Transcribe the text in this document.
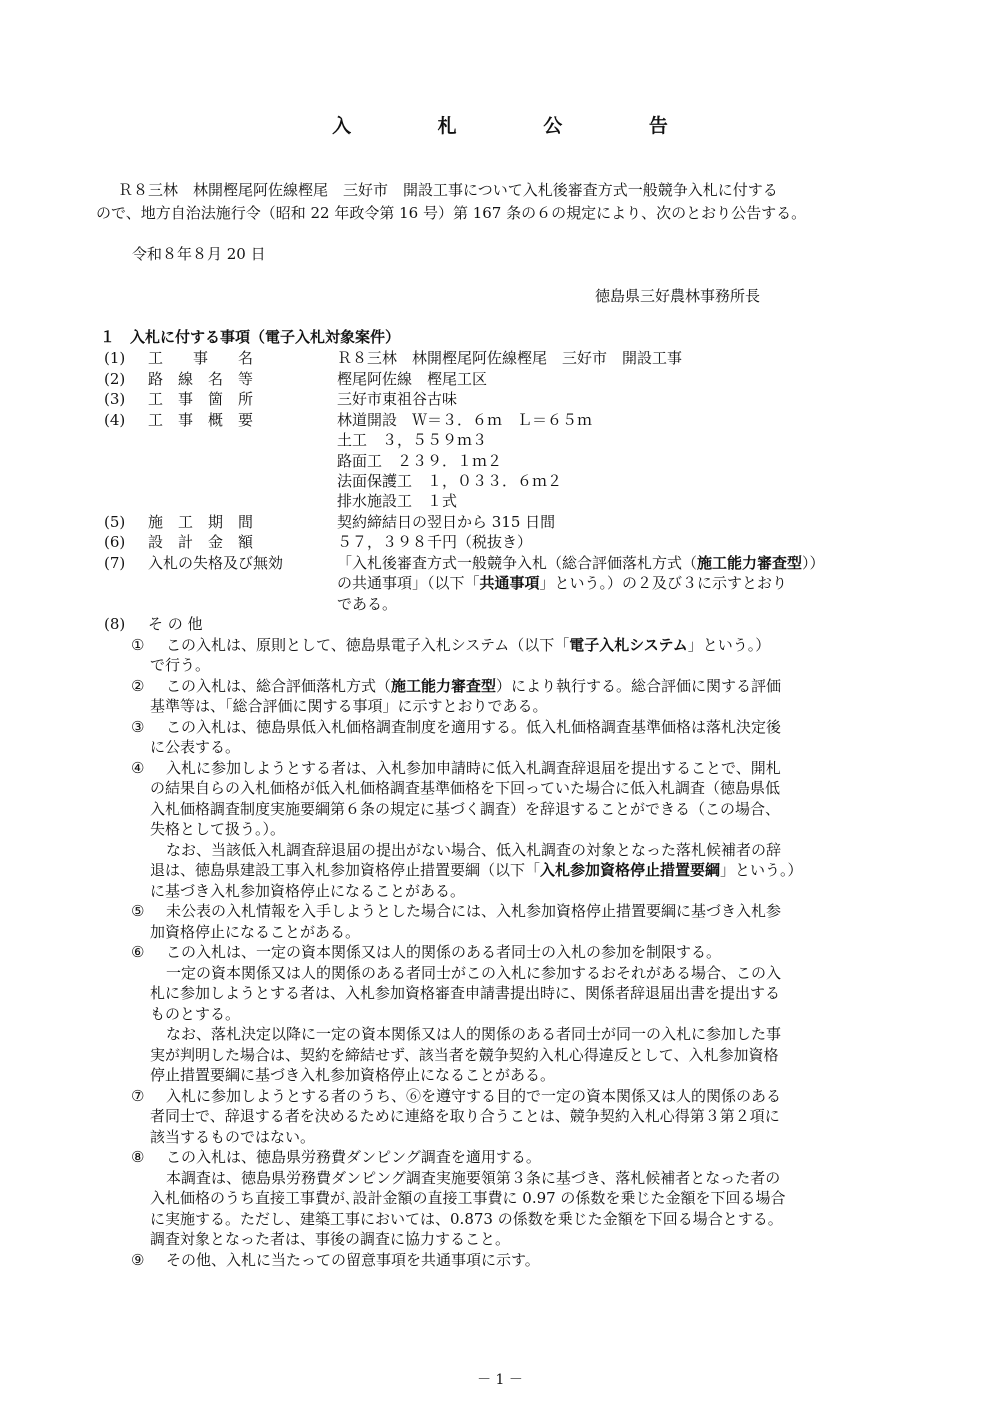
入 札 公 告
Ｒ８三林　林開樫尾阿佐線樫尾　三好市　開設工事について入札後審査方式一般競争入札に付する
ので、地方自治法施行令（昭和 22 年政令第 16 号）第 167 条の６の規定により、次のとおり公告する。
令和８年８月 20 日
徳島県三好農林事務所長
１　入札に付する事項（電子入札対象案件）
(1) 工　　事　　名	Ｒ８三林　林開樫尾阿佐線樫尾　三好市　開設工事
(2) 路　線　名　等	樫尾阿佐線　樫尾工区
(3) 工　事　箇　所	三好市東祖谷古味
(4) 工　事　概　要	林道開設　Ｗ＝３．６ｍ　Ｌ＝６５ｍ
土工　３，５５９ｍ３
路面工　２３９．１ｍ２
法面保護工　１，０３３．６ｍ２
排水施設工　１式
(5) 施　工　期　間	契約締結日の翌日から 315 日間
(6) 設　計　金　額	５７，３９８千円（税抜き）
(7) 入札の失格及び無効	「入札後審査方式一般競争入札（総合評価落札方式（施工能力審査型））
の共通事項」（以下「共通事項」という。）の２及び３に示すとおり
である。
(8) そ の 他
① この入札は、原則として、徳島県電子入札システム（以下「電子入札システム」という。）
で行う。
② この入札は、総合評価落札方式（施工能力審査型）により執行する。総合評価に関する評価
基準等は、「総合評価に関する事項」に示すとおりである。
③ この入札は、徳島県低入札価格調査制度を適用する。低入札価格調査基準価格は落札決定後
に公表する。
④ 入札に参加しようとする者は、入札参加申請時に低入札調査辞退届を提出することで、開札
の結果自らの入札価格が低入札価格調査基準価格を下回っていた場合に低入札調査（徳島県低
入札価格調査制度実施要綱第６条の規定に基づく調査）を辞退することができる（この場合、
失格として扱う。）。
なお、当該低入札調査辞退届の提出がない場合、低入札調査の対象となった落札候補者の辞
退は、徳島県建設工事入札参加資格停止措置要綱（以下「入札参加資格停止措置要綱」という。）
に基づき入札参加資格停止になることがある。
⑤ 未公表の入札情報を入手しようとした場合には、入札参加資格停止措置要綱に基づき入札参
加資格停止になることがある。
⑥ この入札は、一定の資本関係又は人的関係のある者同士の入札の参加を制限する。
一定の資本関係又は人的関係のある者同士がこの入札に参加するおそれがある場合、この入
札に参加しようとする者は、入札参加資格審査申請書提出時に、関係者辞退届出書を提出する
ものとする。
なお、落札決定以降に一定の資本関係又は人的関係のある者同士が同一の入札に参加した事
実が判明した場合は、契約を締結せず、該当者を競争契約入札心得違反として、入札参加資格
停止措置要綱に基づき入札参加資格停止になることがある。
⑦ 入札に参加しようとする者のうち、⑥を遵守する目的で一定の資本関係又は人的関係のある
者同士で、辞退する者を決めるために連絡を取り合うことは、競争契約入札心得第３第２項に
該当するものではない。
⑧ この入札は、徳島県労務費ダンピング調査を適用する。
本調査は、徳島県労務費ダンピング調査実施要領第３条に基づき、落札候補者となった者の
入札価格のうち直接工事費が､設計金額の直接工事費に 0.97 の係数を乗じた金額を下回る場合
に実施する。ただし、建築工事においては、0.873 の係数を乗じた金額を下回る場合とする。
調査対象となった者は、事後の調査に協力すること。
⑨ その他、入札に当たっての留意事項を共通事項に示す。
－ 1 －
